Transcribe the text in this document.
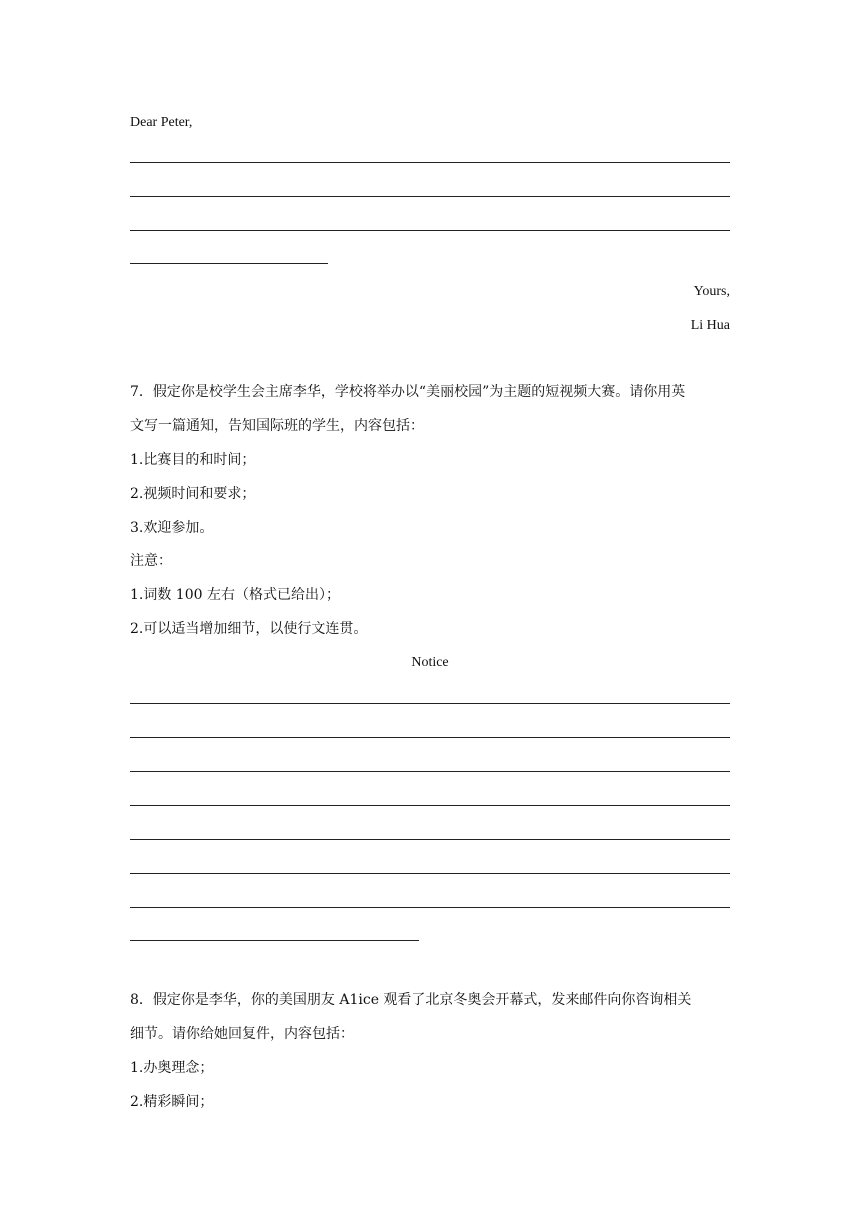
Dear Peter,
Yours,
Li Hua
7．假定你是校学生会主席李华，学校将举办以“美丽校园”为主题的短视频大赛。请你用英
文写一篇通知，告知国际班的学生，内容包括：
1.比赛目的和时间；
2.视频时间和要求；
3.欢迎参加。
注意：
1.词数 100 左右（格式已给出）；
2.可以适当增加细节，以使行文连贯。
Notice
8．假定你是李华，你的美国朋友 A1ice 观看了北京冬奥会开幕式，发来邮件向你咨询相关
细节。请你给她回复件，内容包括：
1.办奥理念；
2.精彩瞬间；
